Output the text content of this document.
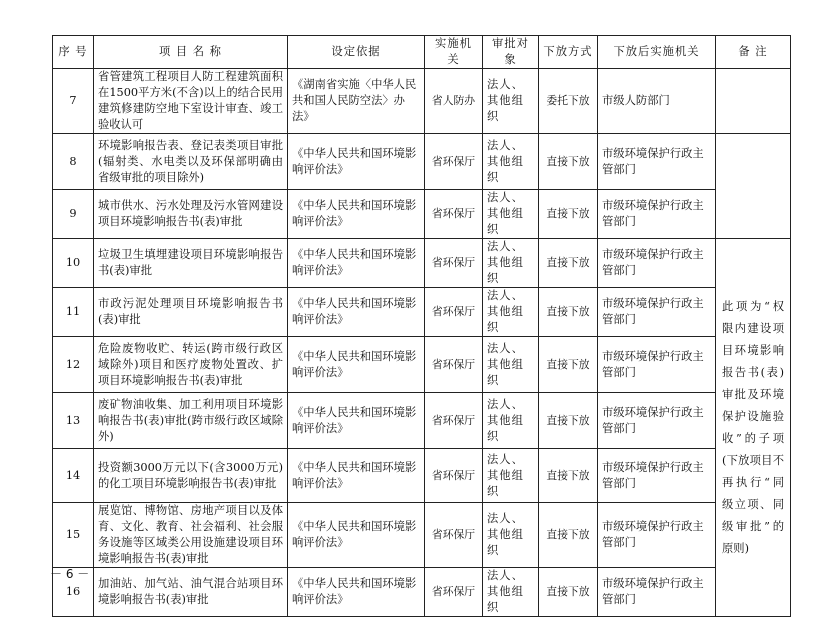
序 号	项 目 名 称	设定依据	实施机关	审批对象	下放方式	下放后实施机关	备 注
7	省管建筑工程项目人防工程建筑面积在1500平方米(不含)以上的结合民用建筑修建防空地下室设计审查、竣工验收认可	《湖南省实施〈中华人民共和国人民防空法〉办法》	省人防办	法人、其他组织	委托下放	市级人防部门	
8	环境影响报告表、登记表类项目审批(辐射类、水电类以及环保部明确由省级审批的项目除外)	《中华人民共和国环境影响评价法》	省环保厅	法人、其他组织	直接下放	市级环境保护行政主管部门	
9	城市供水、污水处理及污水管网建设项目环境影响报告书(表)审批	《中华人民共和国环境影响评价法》	省环保厅	法人、其他组织	直接下放	市级环境保护行政主管部门	
10	垃圾卫生填埋建设项目环境影响报告书(表)审批	《中华人民共和国环境影响评价法》	省环保厅	法人、其他组织	直接下放	市级环境保护行政主管部门	此项为“权限内建设项目环境影响报告书(表)审批及环境保护设施验收”的子项(下放项目不再执行“同级立项、同级审批”的原则)
11	市政污泥处理项目环境影响报告书(表)审批	《中华人民共和国环境影响评价法》	省环保厅	法人、其他组织	直接下放	市级环境保护行政主管部门	
12	危险废物收贮、转运(跨市级行政区域除外)项目和医疗废物处置改、扩项目环境影响报告书(表)审批	《中华人民共和国环境影响评价法》	省环保厅	法人、其他组织	直接下放	市级环境保护行政主管部门	
13	废矿物油收集、加工利用项目环境影响报告书(表)审批(跨市级行政区域除外)	《中华人民共和国环境影响评价法》	省环保厅	法人、其他组织	直接下放	市级环境保护行政主管部门	
14	投资额3000万元以下(含3000万元)的化工项目环境影响报告书(表)审批	《中华人民共和国环境影响评价法》	省环保厅	法人、其他组织	直接下放	市级环境保护行政主管部门	
15	展览馆、博物馆、房地产项目以及体育、文化、教育、社会福利、社会服务设施等区域类公用设施建设项目环境影响报告书(表)审批	《中华人民共和国环境影响评价法》	省环保厅	法人、其他组织	直接下放	市级环境保护行政主管部门	
16	加油站、加气站、油气混合站项目环境影响报告书(表)审批	《中华人民共和国环境影响评价法》	省环保厅	法人、其他组织	直接下放	市级环境保护行政主管部门	
－ 6 －
